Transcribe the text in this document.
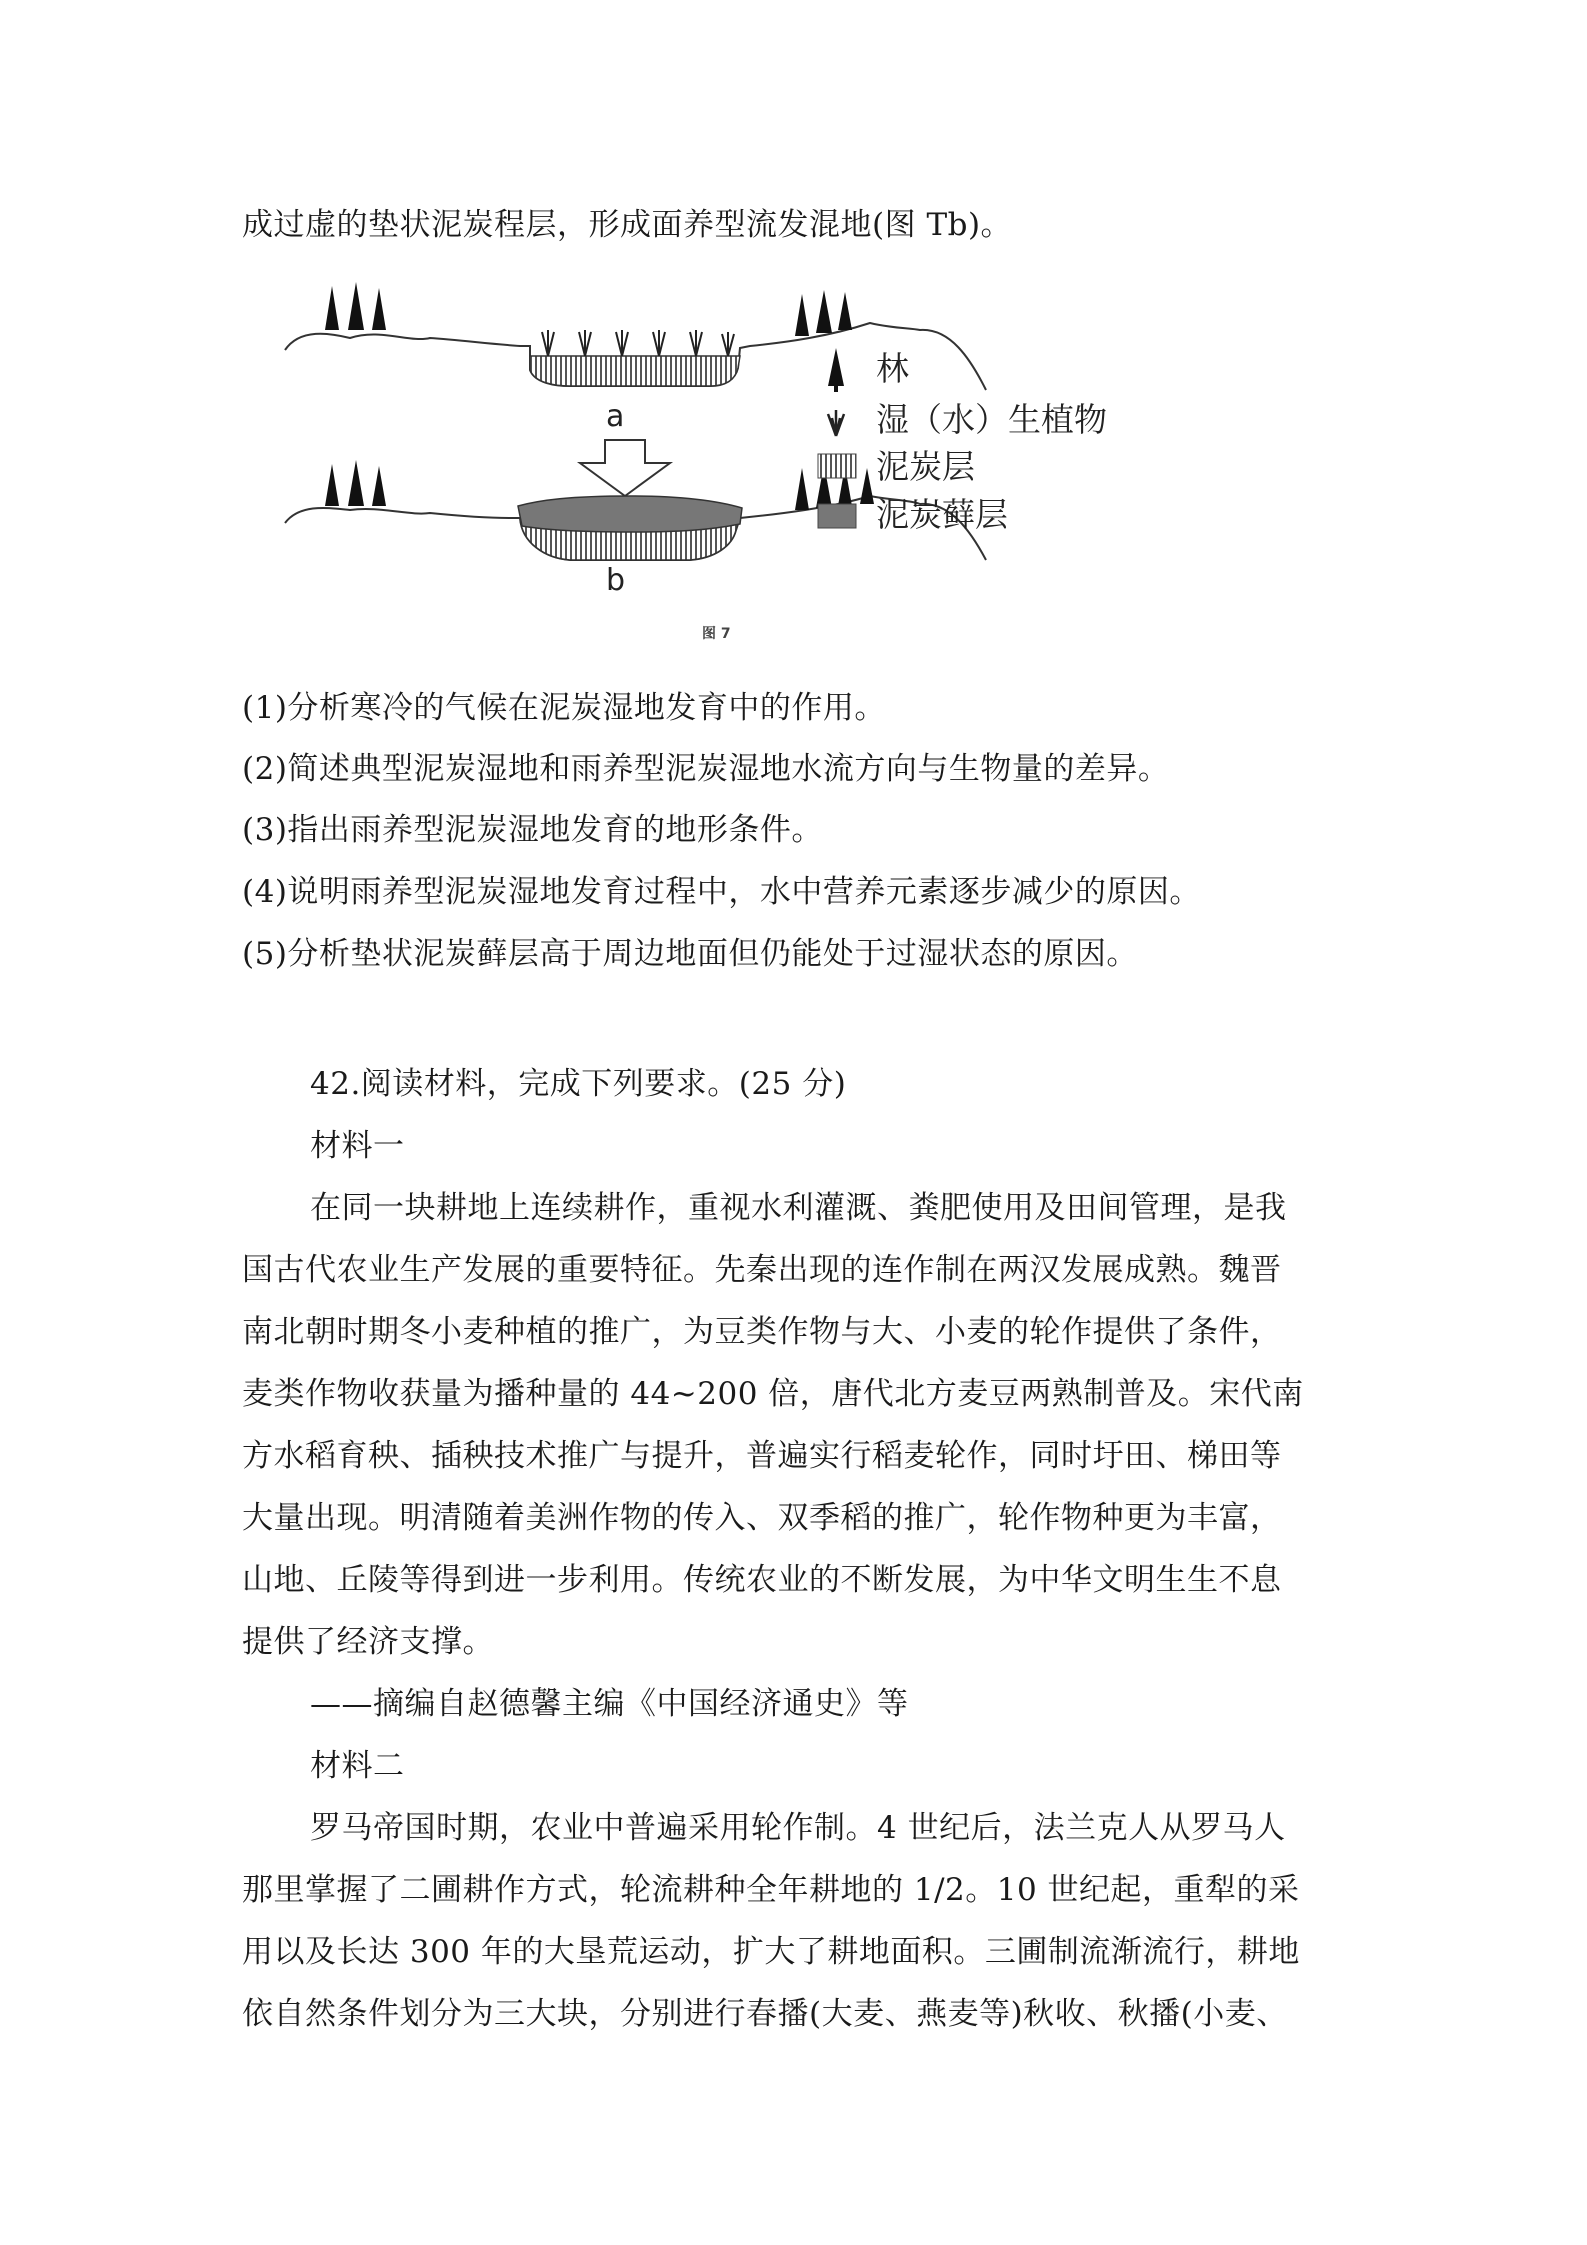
成过虚的垫状泥炭程层，形成面养型流发混地(图 Tb)。
a
b
林
湿（水）生植物
泥炭层
泥炭藓层
图 7
(1)分析寒冷的气候在泥炭湿地发育中的作用。
(2)简述典型泥炭湿地和雨养型泥炭湿地水流方向与生物量的差异。
(3)指出雨养型泥炭湿地发育的地形条件。
(4)说明雨养型泥炭湿地发育过程中，水中营养元素逐步减少的原因。
(5)分析垫状泥炭藓层高于周边地面但仍能处于过湿状态的原因。
42.阅读材料，完成下列要求。(25 分)
材料一
在同一块耕地上连续耕作，重视水利灌溉、粪肥使用及田间管理，是我
国古代农业生产发展的重要特征。先秦出现的连作制在两汉发展成熟。魏晋
南北朝时期冬小麦种植的推广，为豆类作物与大、小麦的轮作提供了条件，
麦类作物收获量为播种量的 44~200 倍，唐代北方麦豆两熟制普及。宋代南
方水稻育秧、插秧技术推广与提升，普遍实行稻麦轮作，同时圩田、梯田等
大量出现。明清随着美洲作物的传入、双季稻的推广，轮作物种更为丰富，
山地、丘陵等得到进一步利用。传统农业的不断发展，为中华文明生生不息
提供了经济支撑。
——摘编自赵德馨主编《中国经济通史》等
材料二
罗马帝国时期，农业中普遍采用轮作制。4 世纪后，法兰克人从罗马人
那里掌握了二圃耕作方式，轮流耕种全年耕地的 1/2。10 世纪起，重犁的采
用以及长达 300 年的大垦荒运动，扩大了耕地面积。三圃制流渐流行，耕地
依自然条件划分为三大块，分别进行春播(大麦、燕麦等)秋收、秋播(小麦、
